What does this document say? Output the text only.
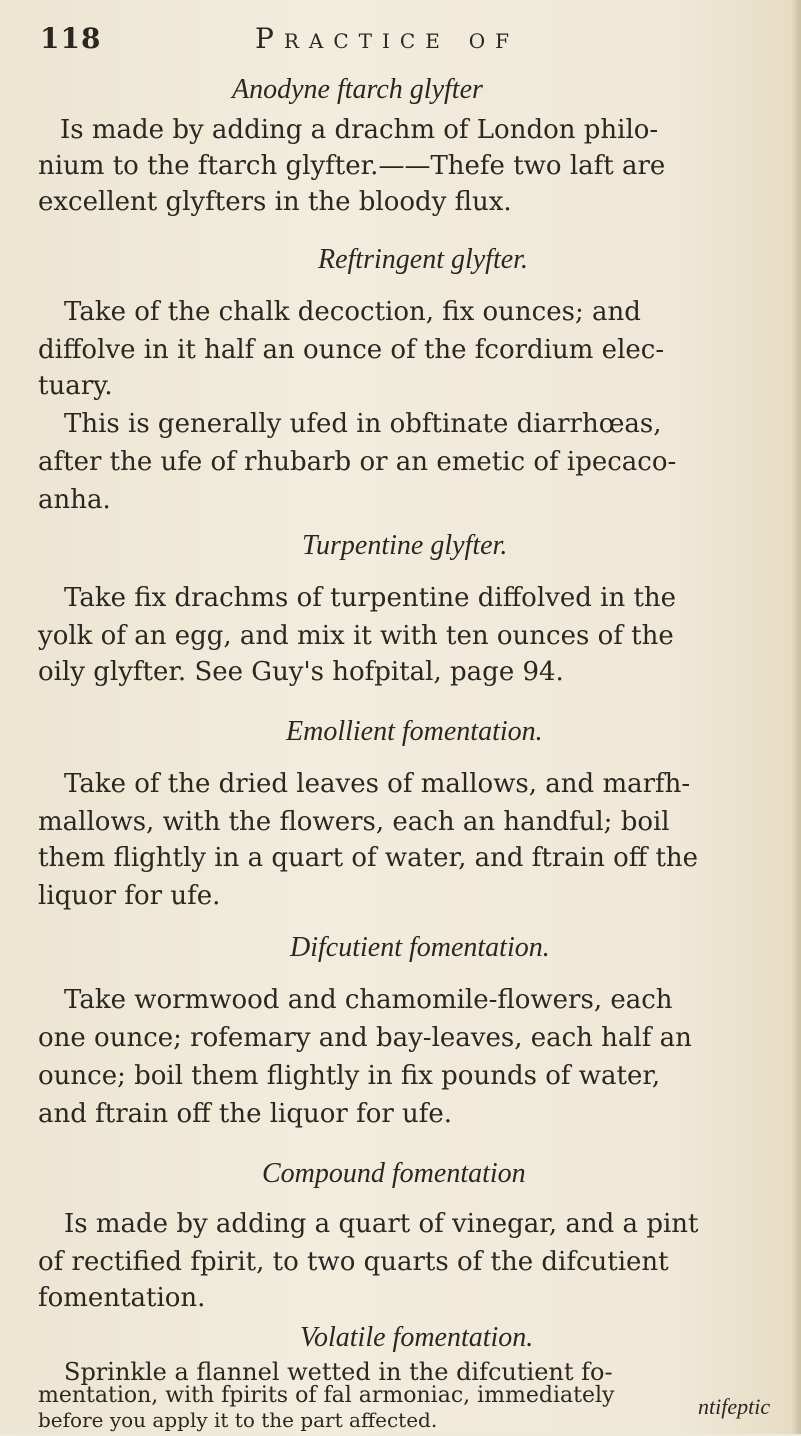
118	Practice of
Anodyne ftarch glyfter
Is made by adding a drachm of London philo-
nium to the ftarch glyfter.——Thefe two laft are
excellent glyfters in the bloody flux.
Reftringent glyfter.
Take of the chalk decoction, fix ounces; and
diffolve in it half an ounce of the fcordium elec-
tuary.
This is generally ufed in obftinate diarrhœas,
after the ufe of rhubarb or an emetic of ipecaco-
anha.
Turpentine glyfter.
Take fix drachms of turpentine diffolved in the
yolk of an egg, and mix it with ten ounces of the
oily glyfter. See Guy's hofpital, page 94.
Emollient fomentation.
Take of the dried leaves of mallows, and marfh-
mallows, with the flowers, each an handful; boil
them flightly in a quart of water, and ftrain off the
liquor for ufe.
Difcutient fomentation.
Take wormwood and chamomile-flowers, each
one ounce; rofemary and bay-leaves, each half an
ounce; boil them flightly in fix pounds of water,
and ftrain off the liquor for ufe.
Compound fomentation
Is made by adding a quart of vinegar, and a pint
of rectified fpirit, to two quarts of the difcutient
fomentation.
Volatile fomentation.
Sprinkle a flannel wetted in the difcutient fo-
mentation, with fpirits of fal armoniac, immediately
before you apply it to the part affected.
ntifeptic
